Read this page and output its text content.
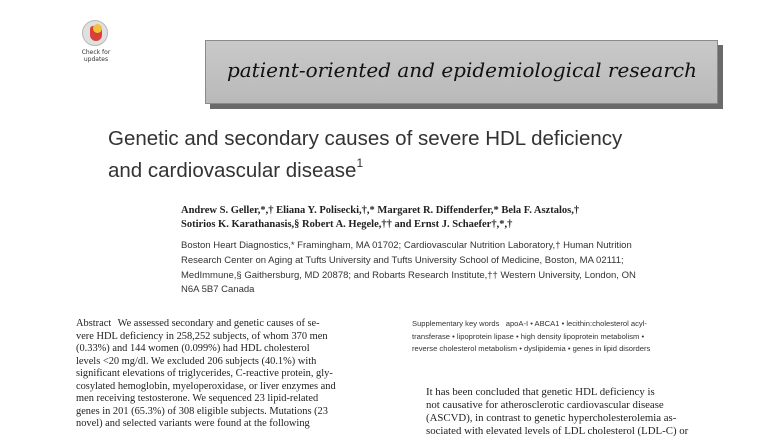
Check for
updates	patient-oriented and epidemiological research
Genetic and secondary causes of severe HDL deficiency
and cardiovascular disease$^1$
Andrew S. Geller,*,† Eliana Y. Polisecki,†,* Margaret R. Diffenderfer,* Bela F. Asztalos,†
Sotirios K. Karathanasis,§ Robert A. Hegele,†† and Ernst J. Schaefer†,*,†
Boston Heart Diagnostics,* Framingham, MA 01702; Cardiovascular Nutrition Laboratory,† Human Nutrition
Research Center on Aging at Tufts University and Tufts University School of Medicine, Boston, MA 02111;
MedImmune,§ Gaithersburg, MD 20878; and Robarts Research Institute,†† Western University, London, ON
N6A 5B7 Canada
Abstract We assessed secondary and genetic causes of se-
vere HDL deficiency in 258,252 subjects, of whom 370 men
(0.33%) and 144 women (0.099%) had HDL cholesterol
levels <20 mg/dl. We excluded 206 subjects (40.1%) with
significant elevations of triglycerides, C-reactive protein, gly-
cosylated hemoglobin, myeloperoxidase, or liver enzymes and
men receiving testosterone. We sequenced 23 lipid-related
genes in 201 (65.3%) of 308 eligible subjects. Mutations (23
novel) and selected variants were found at the following
Supplementary key words apoA-I • ABCA1 • lecithin:cholesterol acyl-
transferase • lipoprotein lipase • high density lipoprotein metabolism •
reverse cholesterol metabolism • dyslipidemia • genes in lipid disorders
It has been concluded that genetic HDL deficiency is
not causative for atherosclerotic cardiovascular disease
(ASCVD), in contrast to genetic hypercholesterolemia as-
sociated with elevated levels of LDL cholesterol (LDL-C) or
